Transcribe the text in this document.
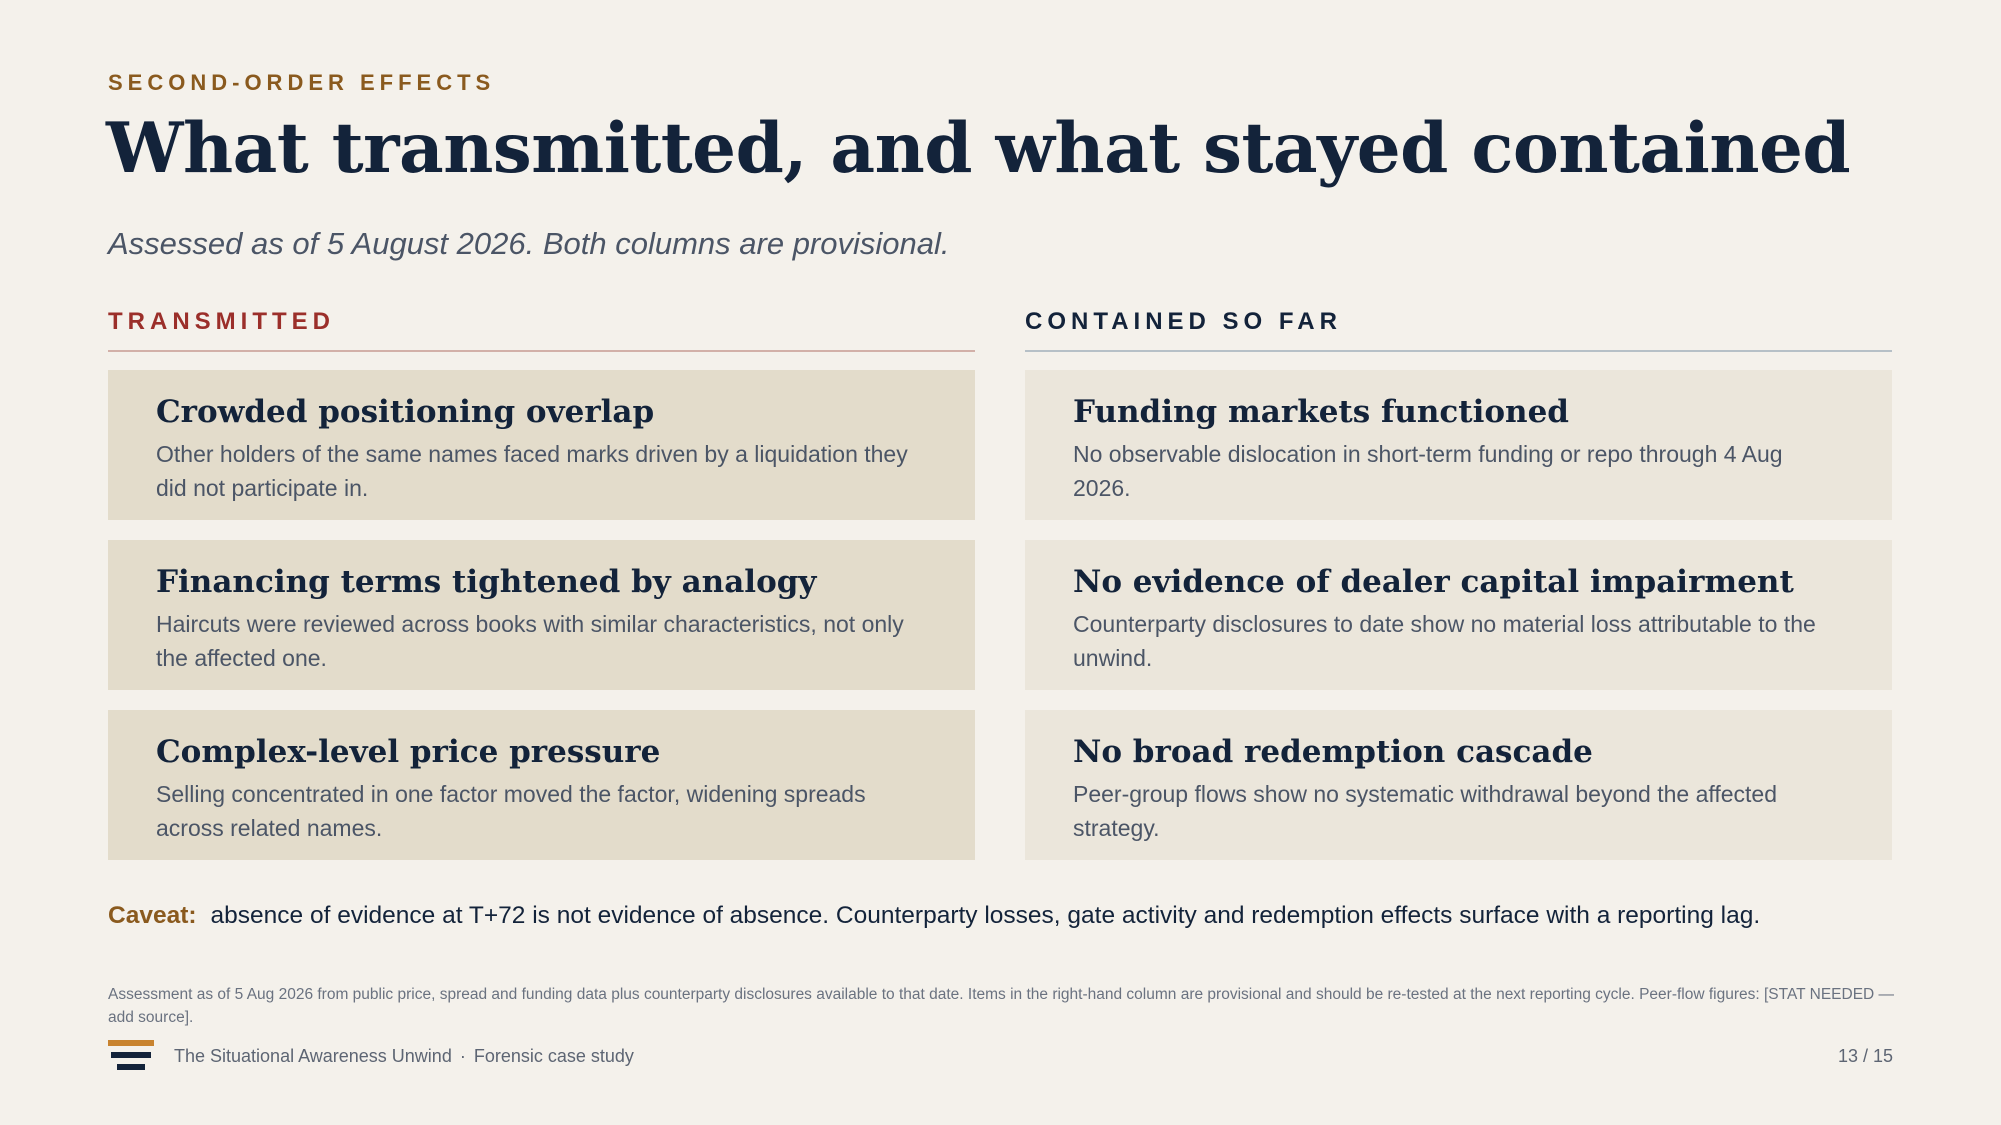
SECOND-ORDER EFFECTS
What transmitted, and what stayed contained
Assessed as of 5 August 2026. Both columns are provisional.
TRANSMITTED
Crowded positioning overlap
Other holders of the same names faced marks driven by a liquidation they did not participate in.
Financing terms tightened by analogy
Haircuts were reviewed across books with similar characteristics, not only the affected one.
Complex-level price pressure
Selling concentrated in one factor moved the factor, widening spreads across related names.
CONTAINED SO FAR
Funding markets functioned
No observable dislocation in short-term funding or repo through 4 Aug 2026.
No evidence of dealer capital impairment
Counterparty disclosures to date show no material loss attributable to the unwind.
No broad redemption cascade
Peer-group flows show no systematic withdrawal beyond the affected strategy.
Caveat: absence of evidence at T+72 is not evidence of absence. Counterparty losses, gate activity and redemption effects surface with a reporting lag.
Assessment as of 5 Aug 2026 from public price, spread and funding data plus counterparty disclosures available to that date. Items in the right-hand column are provisional and should be re-tested at the next reporting cycle. Peer-flow figures: [STAT NEEDED — add source].
The Situational Awareness Unwind · Forensic case study	13 / 15
